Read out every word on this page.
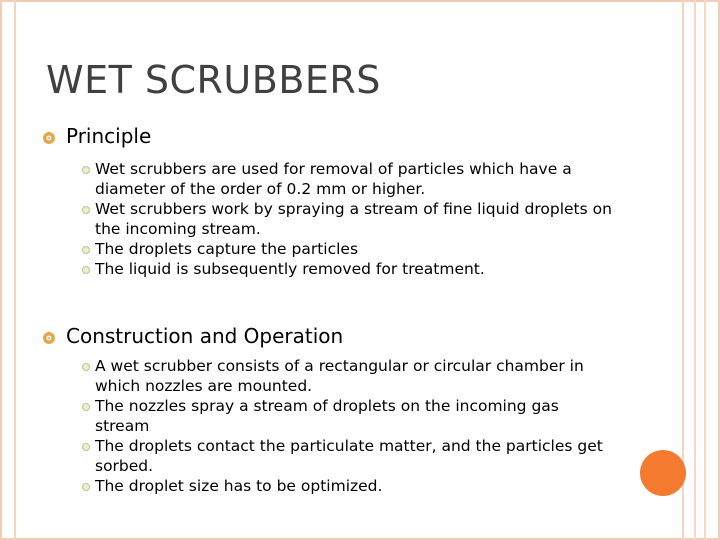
WET SCRUBBERS
Principle
Wet scrubbers are used for removal of particles which have a diameter of the order of 0.2 mm or higher.
Wet scrubbers work by spraying a stream of fine liquid droplets on the incoming stream.
The droplets capture the particles
The liquid is subsequently removed for treatment.
Construction and Operation
A wet scrubber consists of a rectangular or circular chamber in which nozzles are mounted.
The nozzles spray a stream of droplets on the incoming gas stream
The droplets contact the particulate matter, and the particles get sorbed.
The droplet size has to be optimized.
